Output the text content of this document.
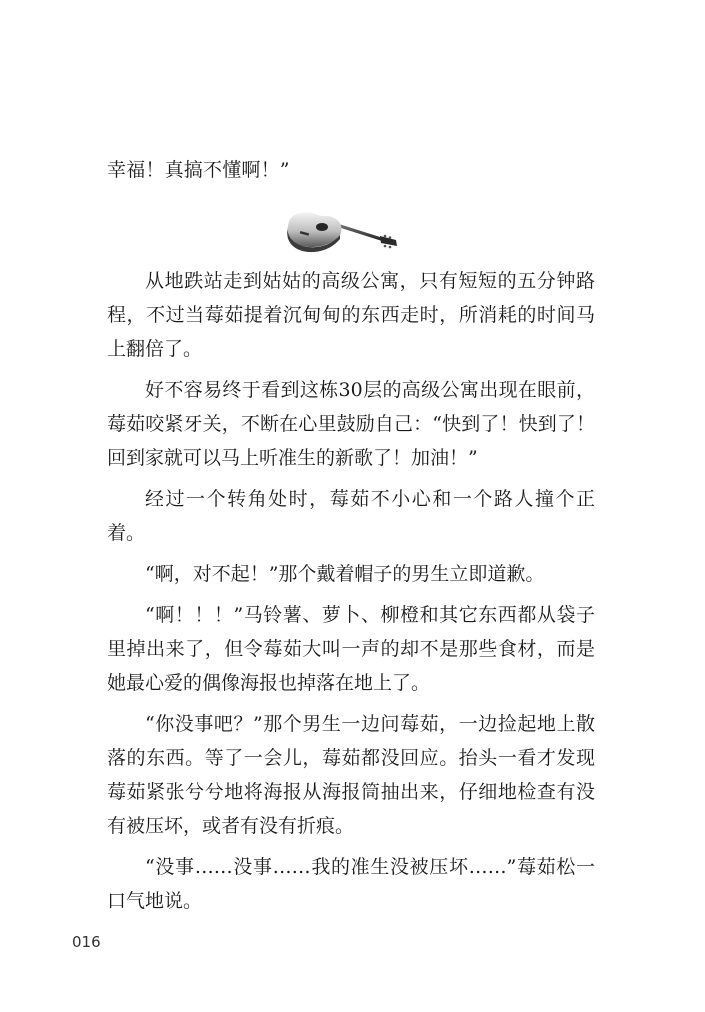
幸福！真搞不懂啊！”

从地跌站走到姑姑的高级公寓，只有短短的五分钟路程，不过当莓茹提着沉甸甸的东西走时，所消耗的时间马上翻倍了。

好不容易终于看到这栋30层的高级公寓出现在眼前，莓茹咬紧牙关，不断在心里鼓励自己：“快到了！快到了！回到家就可以马上听准生的新歌了！加油！”

经过一个转角处时，莓茹不小心和一个路人撞个正着。

“啊，对不起！”那个戴着帽子的男生立即道歉。

“啊！！！”马铃薯、萝卜、柳橙和其它东西都从袋子里掉出来了，但令莓茹大叫一声的却不是那些食材，而是她最心爱的偶像海报也掉落在地上了。

“你没事吧？”那个男生一边问莓茹，一边捡起地上散落的东西。等了一会儿，莓茹都没回应。抬头一看才发现莓茹紧张兮兮地将海报从海报筒抽出来，仔细地检查有没有被压坏，或者有没有折痕。

“没事……没事……我的准生没被压坏……”莓茹松一口气地说。

016
